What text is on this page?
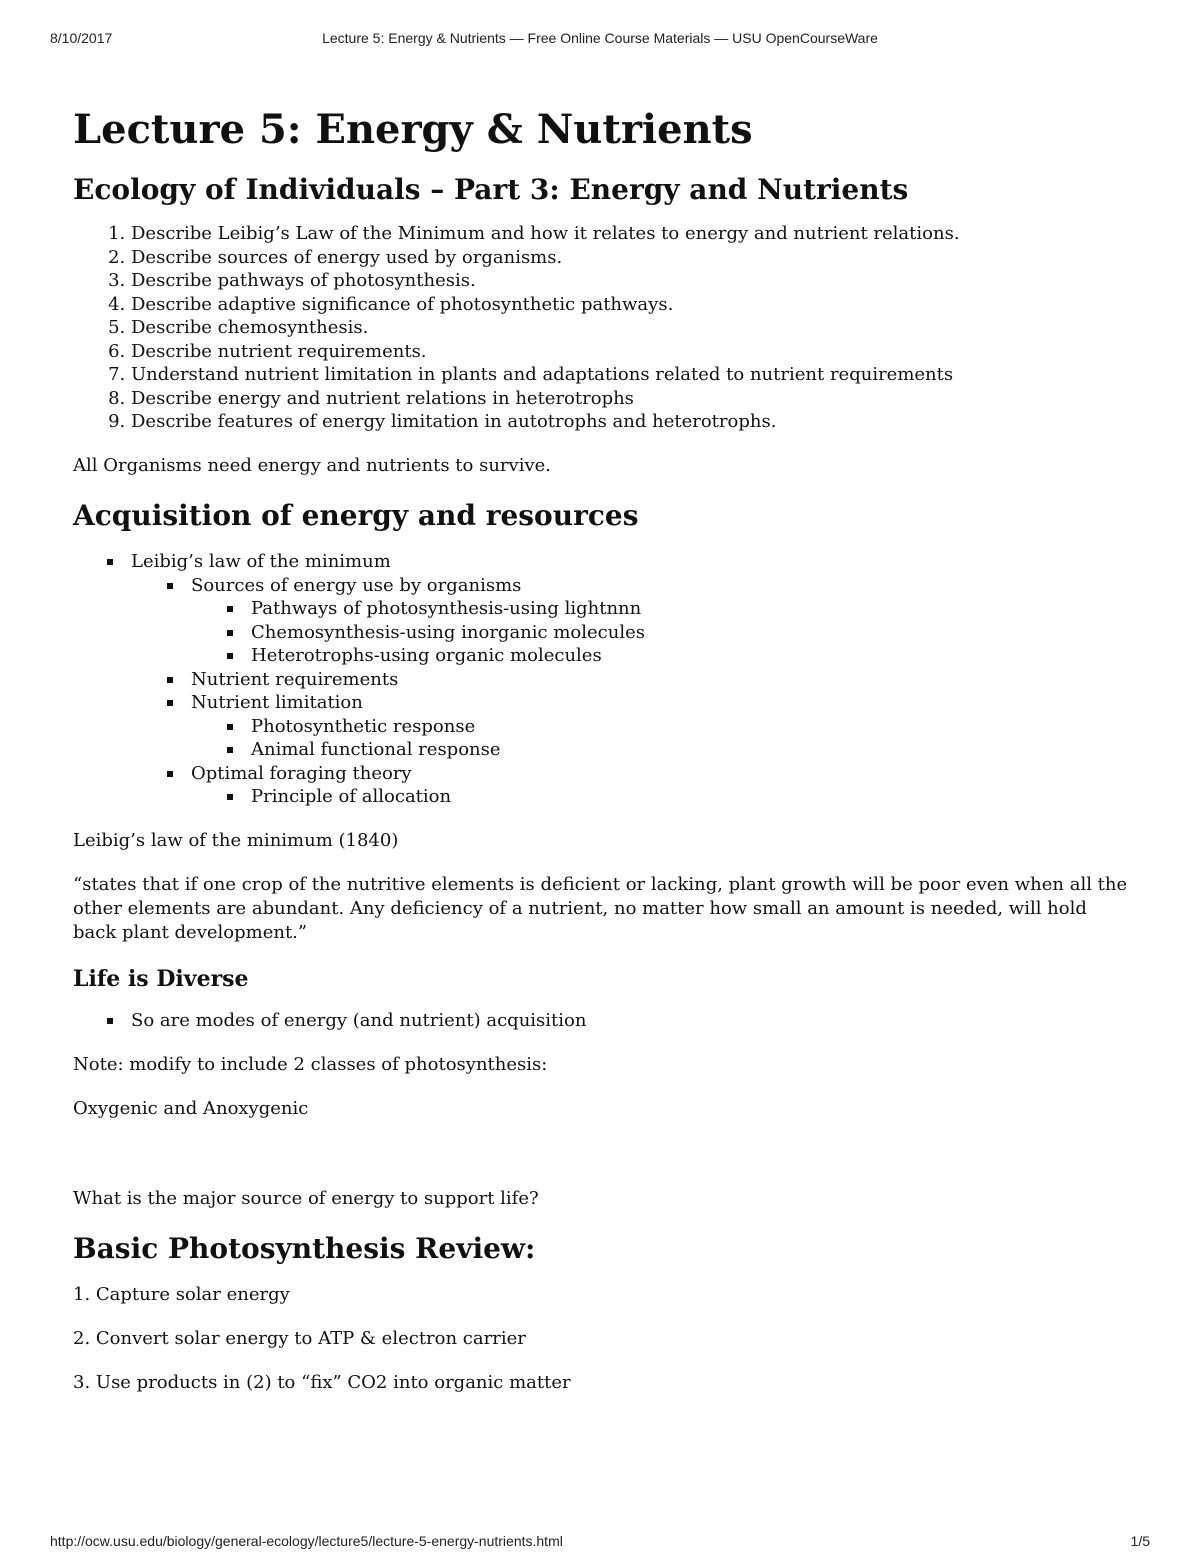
8/10/2017	Lecture 5: Energy & Nutrients — Free Online Course Materials — USU OpenCourseWare
Lecture 5: Energy & Nutrients
Ecology of Individuals – Part 3: Energy and Nutrients
1. Describe Leibig’s Law of the Minimum and how it relates to energy and nutrient relations.
2. Describe sources of energy used by organisms.
3. Describe pathways of photosynthesis.
4. Describe adaptive significance of photosynthetic pathways.
5. Describe chemosynthesis.
6. Describe nutrient requirements.
7. Understand nutrient limitation in plants and adaptations related to nutrient requirements
8. Describe energy and nutrient relations in heterotrophs
9. Describe features of energy limitation in autotrophs and heterotrophs.

All Organisms need energy and nutrients to survive.

Acquisition of energy and resources
Leibig’s law of the minimum
Sources of energy use by organisms
Pathways of photosynthesis-using lightnnn
Chemosynthesis-using inorganic molecules
Heterotrophs-using organic molecules
Nutrient requirements
Nutrient limitation
Photosynthetic response
Animal functional response
Optimal foraging theory
Principle of allocation

Leibig’s law of the minimum (1840)

“states that if one crop of the nutritive elements is deficient or lacking, plant growth will be poor even when all the other elements are abundant. Any deficiency of a nutrient, no matter how small an amount is needed, will hold back plant development.”

Life is Diverse
So are modes of energy (and nutrient) acquisition

Note: modify to include 2 classes of photosynthesis:

Oxygenic and Anoxygenic

What is the major source of energy to support life?

Basic Photosynthesis Review:

1. Capture solar energy

2. Convert solar energy to ATP & electron carrier

3. Use products in (2) to “fix” CO2 into organic matter

http://ocw.usu.edu/biology/general-ecology/lecture5/lecture-5-energy-nutrients.html	1/5
